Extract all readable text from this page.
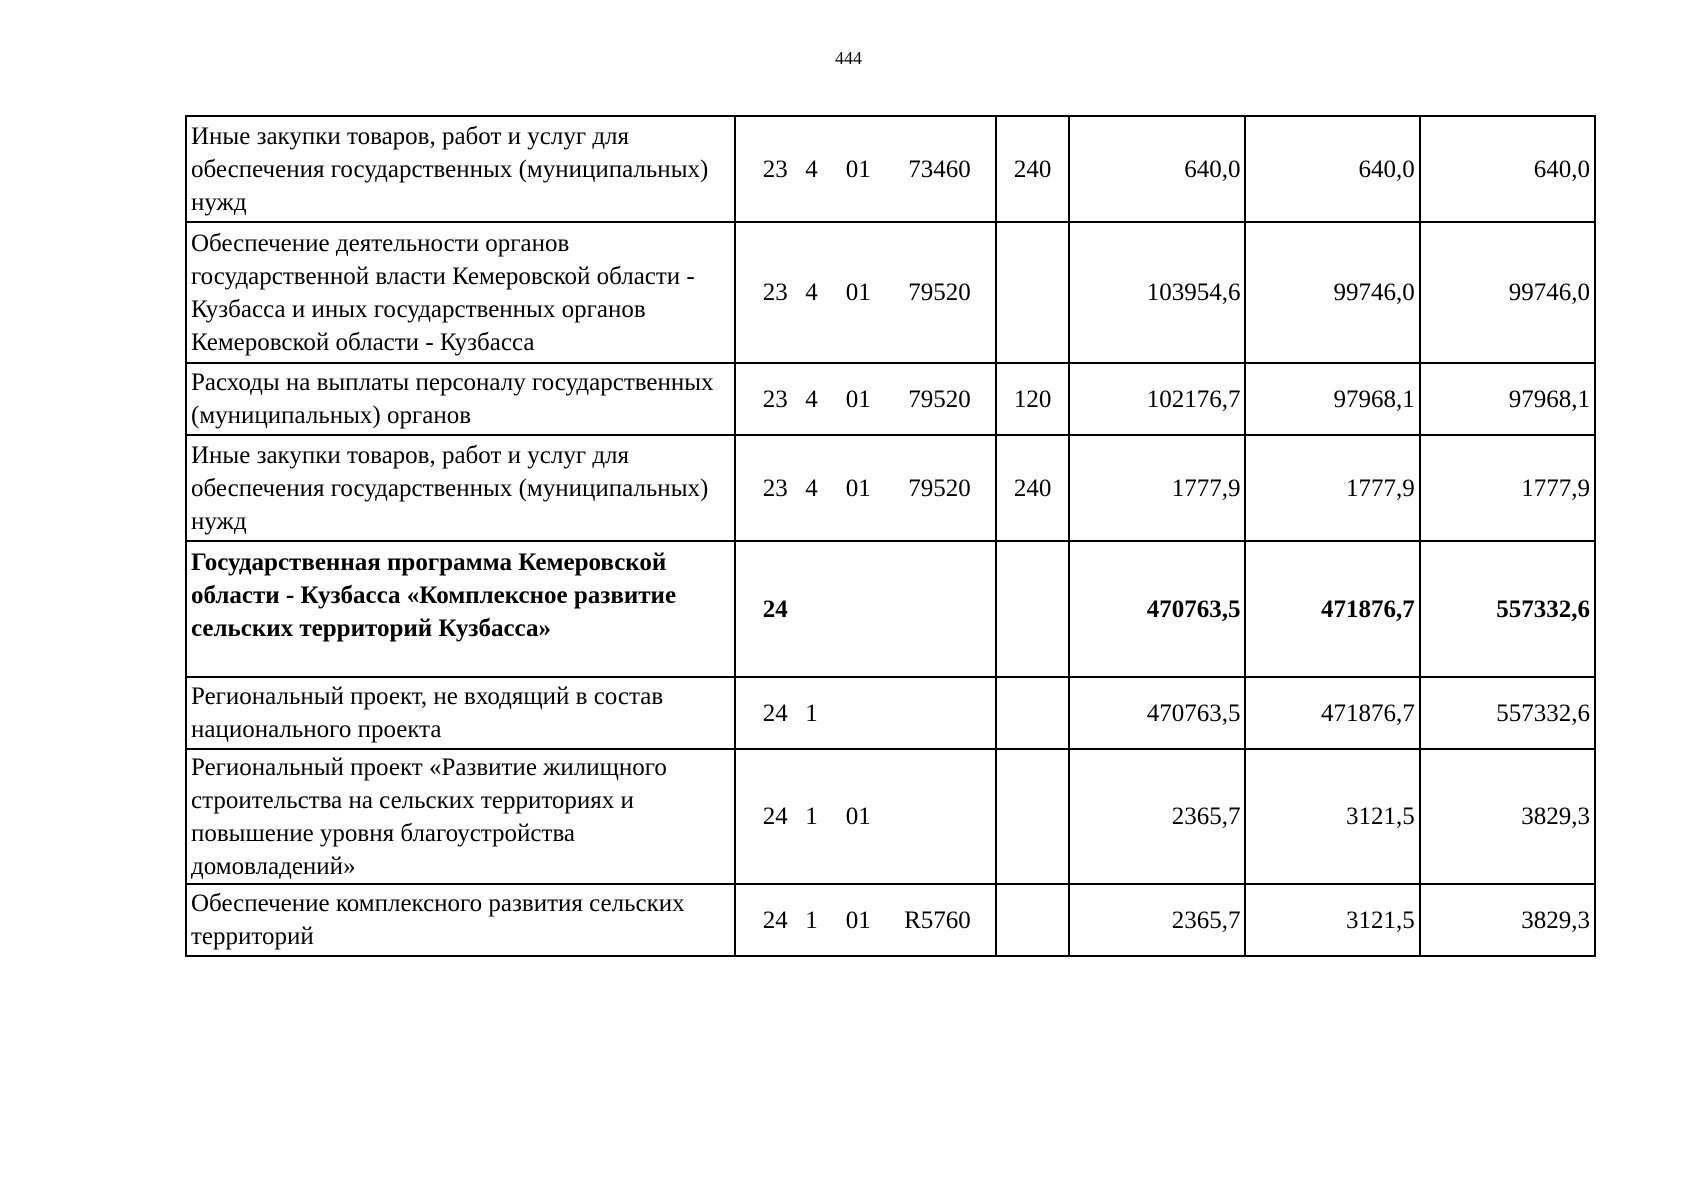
444
Иные закупки товаров, работ и услуг для обеспечения государственных (муниципальных) нужд	23 4 01 73460	240	640,0	640,0	640,0
Обеспечение деятельности органов государственной власти Кемеровской области - Кузбасса и иных государственных органов Кемеровской области - Кузбасса	23 4 01 79520		103954,6	99746,0	99746,0
Расходы на выплаты персоналу государственных (муниципальных) органов	23 4 01 79520	120	102176,7	97968,1	97968,1
Иные закупки товаров, работ и услуг для обеспечения государственных (муниципальных) нужд	23 4 01 79520	240	1777,9	1777,9	1777,9
Государственная программа Кемеровской области - Кузбасса «Комплексное развитие сельских территорий Кузбасса»	24		470763,5	471876,7	557332,6
Региональный проект, не входящий в состав национального проекта	24 1		470763,5	471876,7	557332,6
Региональный проект «Развитие жилищного строительства на сельских территориях и повышение уровня благоустройства домовладений»	24 1 01		2365,7	3121,5	3829,3
Обеспечение комплексного развития сельских территорий	24 1 01 R5760		2365,7	3121,5	3829,3
